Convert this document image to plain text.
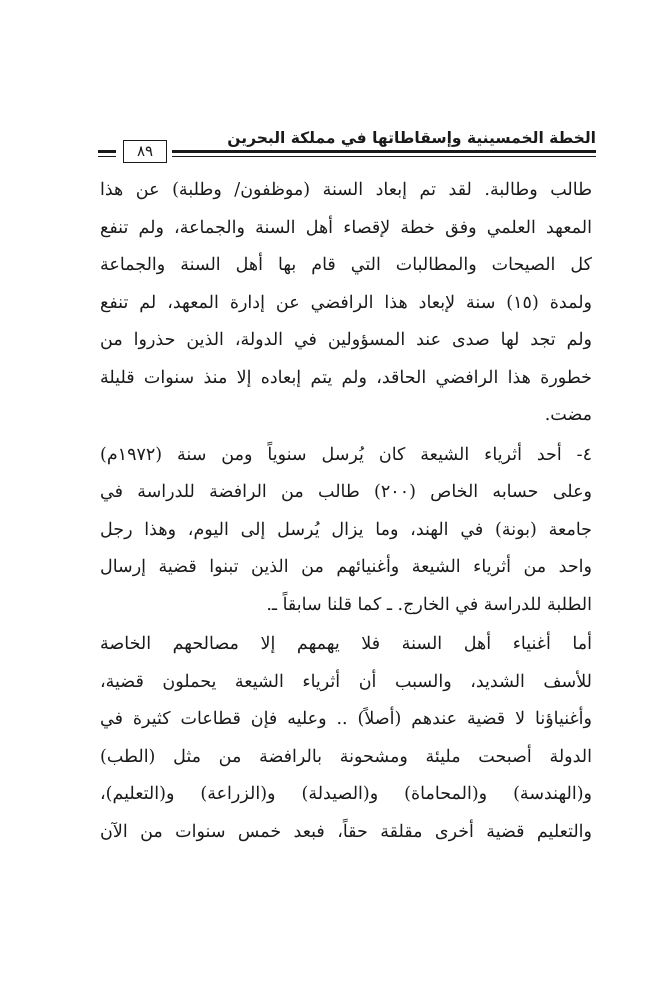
٨٩
الخطة الخمسينية وإسقاطاتها في مملكة البحرين
طالب وطالبة. لقد تم إبعاد السنة (موظفون/ وطلبة) عن هذا
المعهد العلمي وفق خطة لإقصاء أهل السنة والجماعة، ولم تنفع
كل الصيحات والمطالبات التي قام بها أهل السنة والجماعة
ولمدة (١٥) سنة لإبعاد هذا الرافضي عن إدارة المعهد، لم تنفع
ولم تجد لها صدى عند المسؤولين في الدولة، الذين حذروا من
خطورة هذا الرافضي الحاقد، ولم يتم إبعاده إلا منذ سنوات قليلة
مضت.
٤- أحد أثرياء الشيعة كان يُرسل سنوياً ومن سنة (١٩٧٢م)
وعلى حسابه الخاص (٢٠٠) طالب من الرافضة للدراسة في
جامعة (بونة) في الهند، وما يزال يُرسل إلى اليوم، وهذا رجل
واحد من أثرياء الشيعة وأغنيائهم من الذين تبنوا قضية إرسال
الطلبة للدراسة في الخارج. ـ كما قلنا سابقاً ـ.
أما أغنياء أهل السنة فلا يهمهم إلا مصالحهم الخاصة
للأسف الشديد، والسبب أن أثرياء الشيعة يحملون قضية،
وأغنياؤنا لا قضية عندهم (أصلاً) .. وعليه فإن قطاعات كثيرة في
الدولة أصبحت مليئة ومشحونة بالرافضة من مثل (الطب)
و(الهندسة) و(المحاماة) و(الصيدلة) و(الزراعة) و(التعليم)،
والتعليم قضية أخرى مقلقة حقاً، فبعد خمس سنوات من الآن
